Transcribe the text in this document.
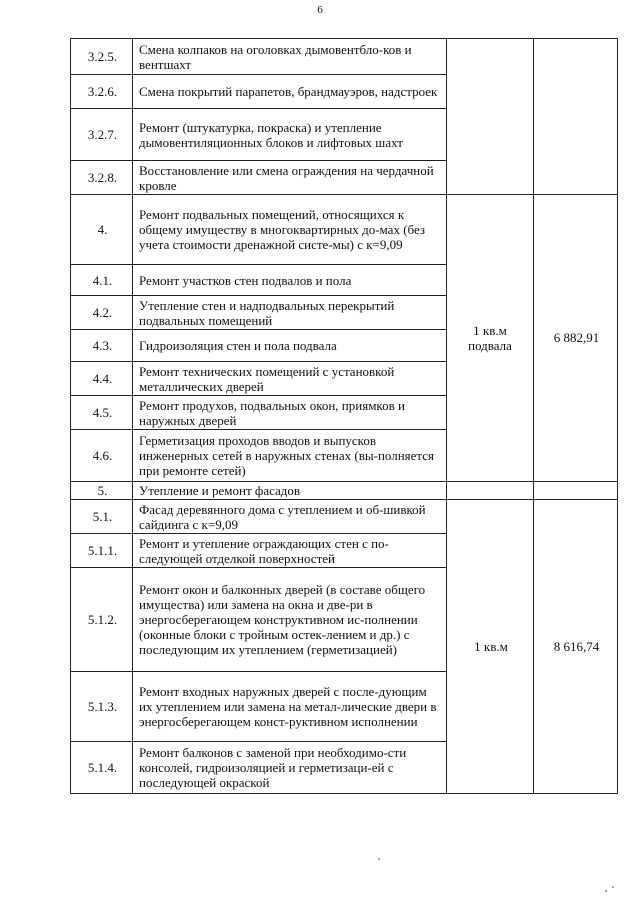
6
3.2.5.	Смена колпаков на оголовках дымовентбло-ков и вентшахт		
3.2.6.	Смена покрытий парапетов, брандмауэров, надстроек		
3.2.7.	Ремонт (штукатурка, покраска) и утепление дымовентиляционных блоков и лифтовых шахт		
3.2.8.	Восстановление или смена ограждения на чердачной кровле		
4.	Ремонт подвальных помещений, относящихся к общему имуществу в многоквартирных до-мах (без учета стоимости дренажной систе-мы) с к=9,09	1 кв.м подвала	6 882,91
4.1.	Ремонт участков стен подвалов и пола		
4.2.	Утепление стен и надподвальных перекрытий подвальных помещений		
4.3.	Гидроизоляция стен и пола подвала		
4.4.	Ремонт технических помещений с установкой металлических дверей		
4.5.	Ремонт продухов, подвальных окон, приямков и наружных дверей		
4.6.	Герметизация проходов вводов и выпусков инженерных сетей в наружных стенах (вы-полняется при ремонте сетей)		
5.	Утепление и ремонт фасадов		
5.1.	Фасад деревянного дома с утеплением и об-шивкой сайдинга с к=9,09	1 кв.м	8 616,74
5.1.1.	Ремонт и утепление ограждающих стен с по-следующей отделкой поверхностей		
5.1.2.	Ремонт окон и балконных дверей (в составе общего имущества) или замена на окна и две-ри в энергосберегающем конструктивном ис-полнении (оконные блоки с тройным остек-лением и др.) с последующим их утеплением (герметизацией)		
5.1.3.	Ремонт входных наружных дверей с после-дующим их утеплением или замена на метал-лические двери в энергосберегающем конст-руктивном исполнении		
5.1.4.	Ремонт балконов с заменой при необходимо-сти консолей, гидроизоляцией и герметизаци-ей с последующей окраской		
